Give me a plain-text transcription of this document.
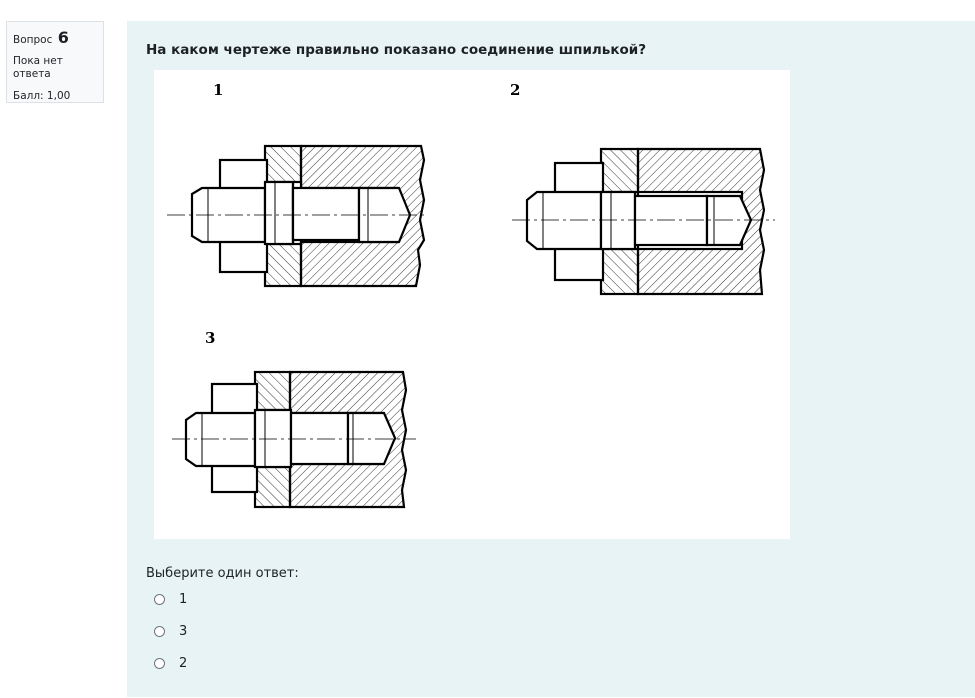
Вопрос 6
Пока нет ответа
Балл: 1,00
На каком чертеже правильно показано соединение шпилькой?
1	2
3
Выберите один ответ:
1
3
2
